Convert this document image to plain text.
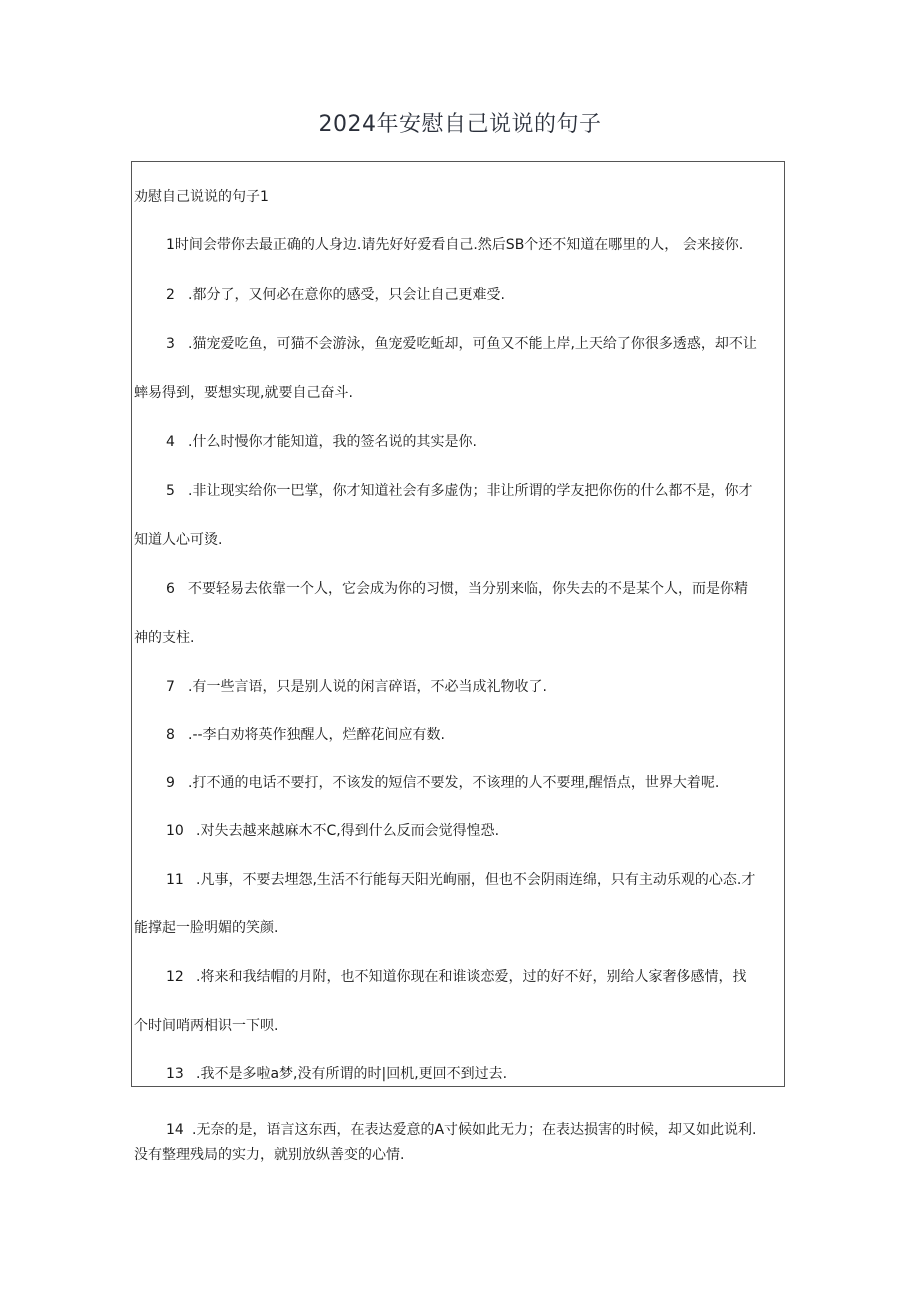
2024年安慰自己说说的句子
劝慰自己说说的句子1
1时间会带你去最正确的人身边.请先好好爱看自己.然后SB个还不知道在哪里的人， 会来接你.
2 .都分了，又何必在意你的感受，只会让自己更难受.
3 .猫宠爱吃鱼，可猫不会游泳，鱼宠爱吃蚯却，可鱼又不能上岸,上天给了你很多透惑，却不让
蟀易得到，要想实现,就要自己奋斗.
4 .什么时慢你才能知道，我的签名说的其实是你.
5 .非让现实给你一巴掌，你才知道社会有多虚伪；非让所谓的学友把你伤的什么都不是，你才
知道人心可烫.
6 不要轻易去依靠一个人，它会成为你的习惯，当分别来临，你失去的不是某个人，而是你精
神的支柱.
7 .有一些言语，只是别人说的闲言碎语，不必当成礼物收了.
8 .--李白劝将英作独醒人，烂醉花间应有数.
9 .打不通的电话不要打，不该发的短信不要发，不该理的人不要理,醒悟点，世界大着呢.
10 .对失去越来越麻木不C,得到什么反而会觉得惶恐.
11 .凡事，不要去埋怨,生活不行能每天阳光峋丽，但也不会阴雨连绵，只有主动乐观的心态.才
能撑起一脸明媚的笑颜.
12 .将来和我结帽的月附，也不知道你现在和谁谈恋爱，过的好不好，别给人家奢侈感情，找
个时间哨两相识一下呗.
13 .我不是多啦a梦,没有所谓的时|回机,更回不到过去.
14 .无奈的是，语言这东西，在表达爱意的A寸候如此无力；在表达损害的时候，却又如此说利.
没有整理残局的实力，就别放纵善变的心情.
